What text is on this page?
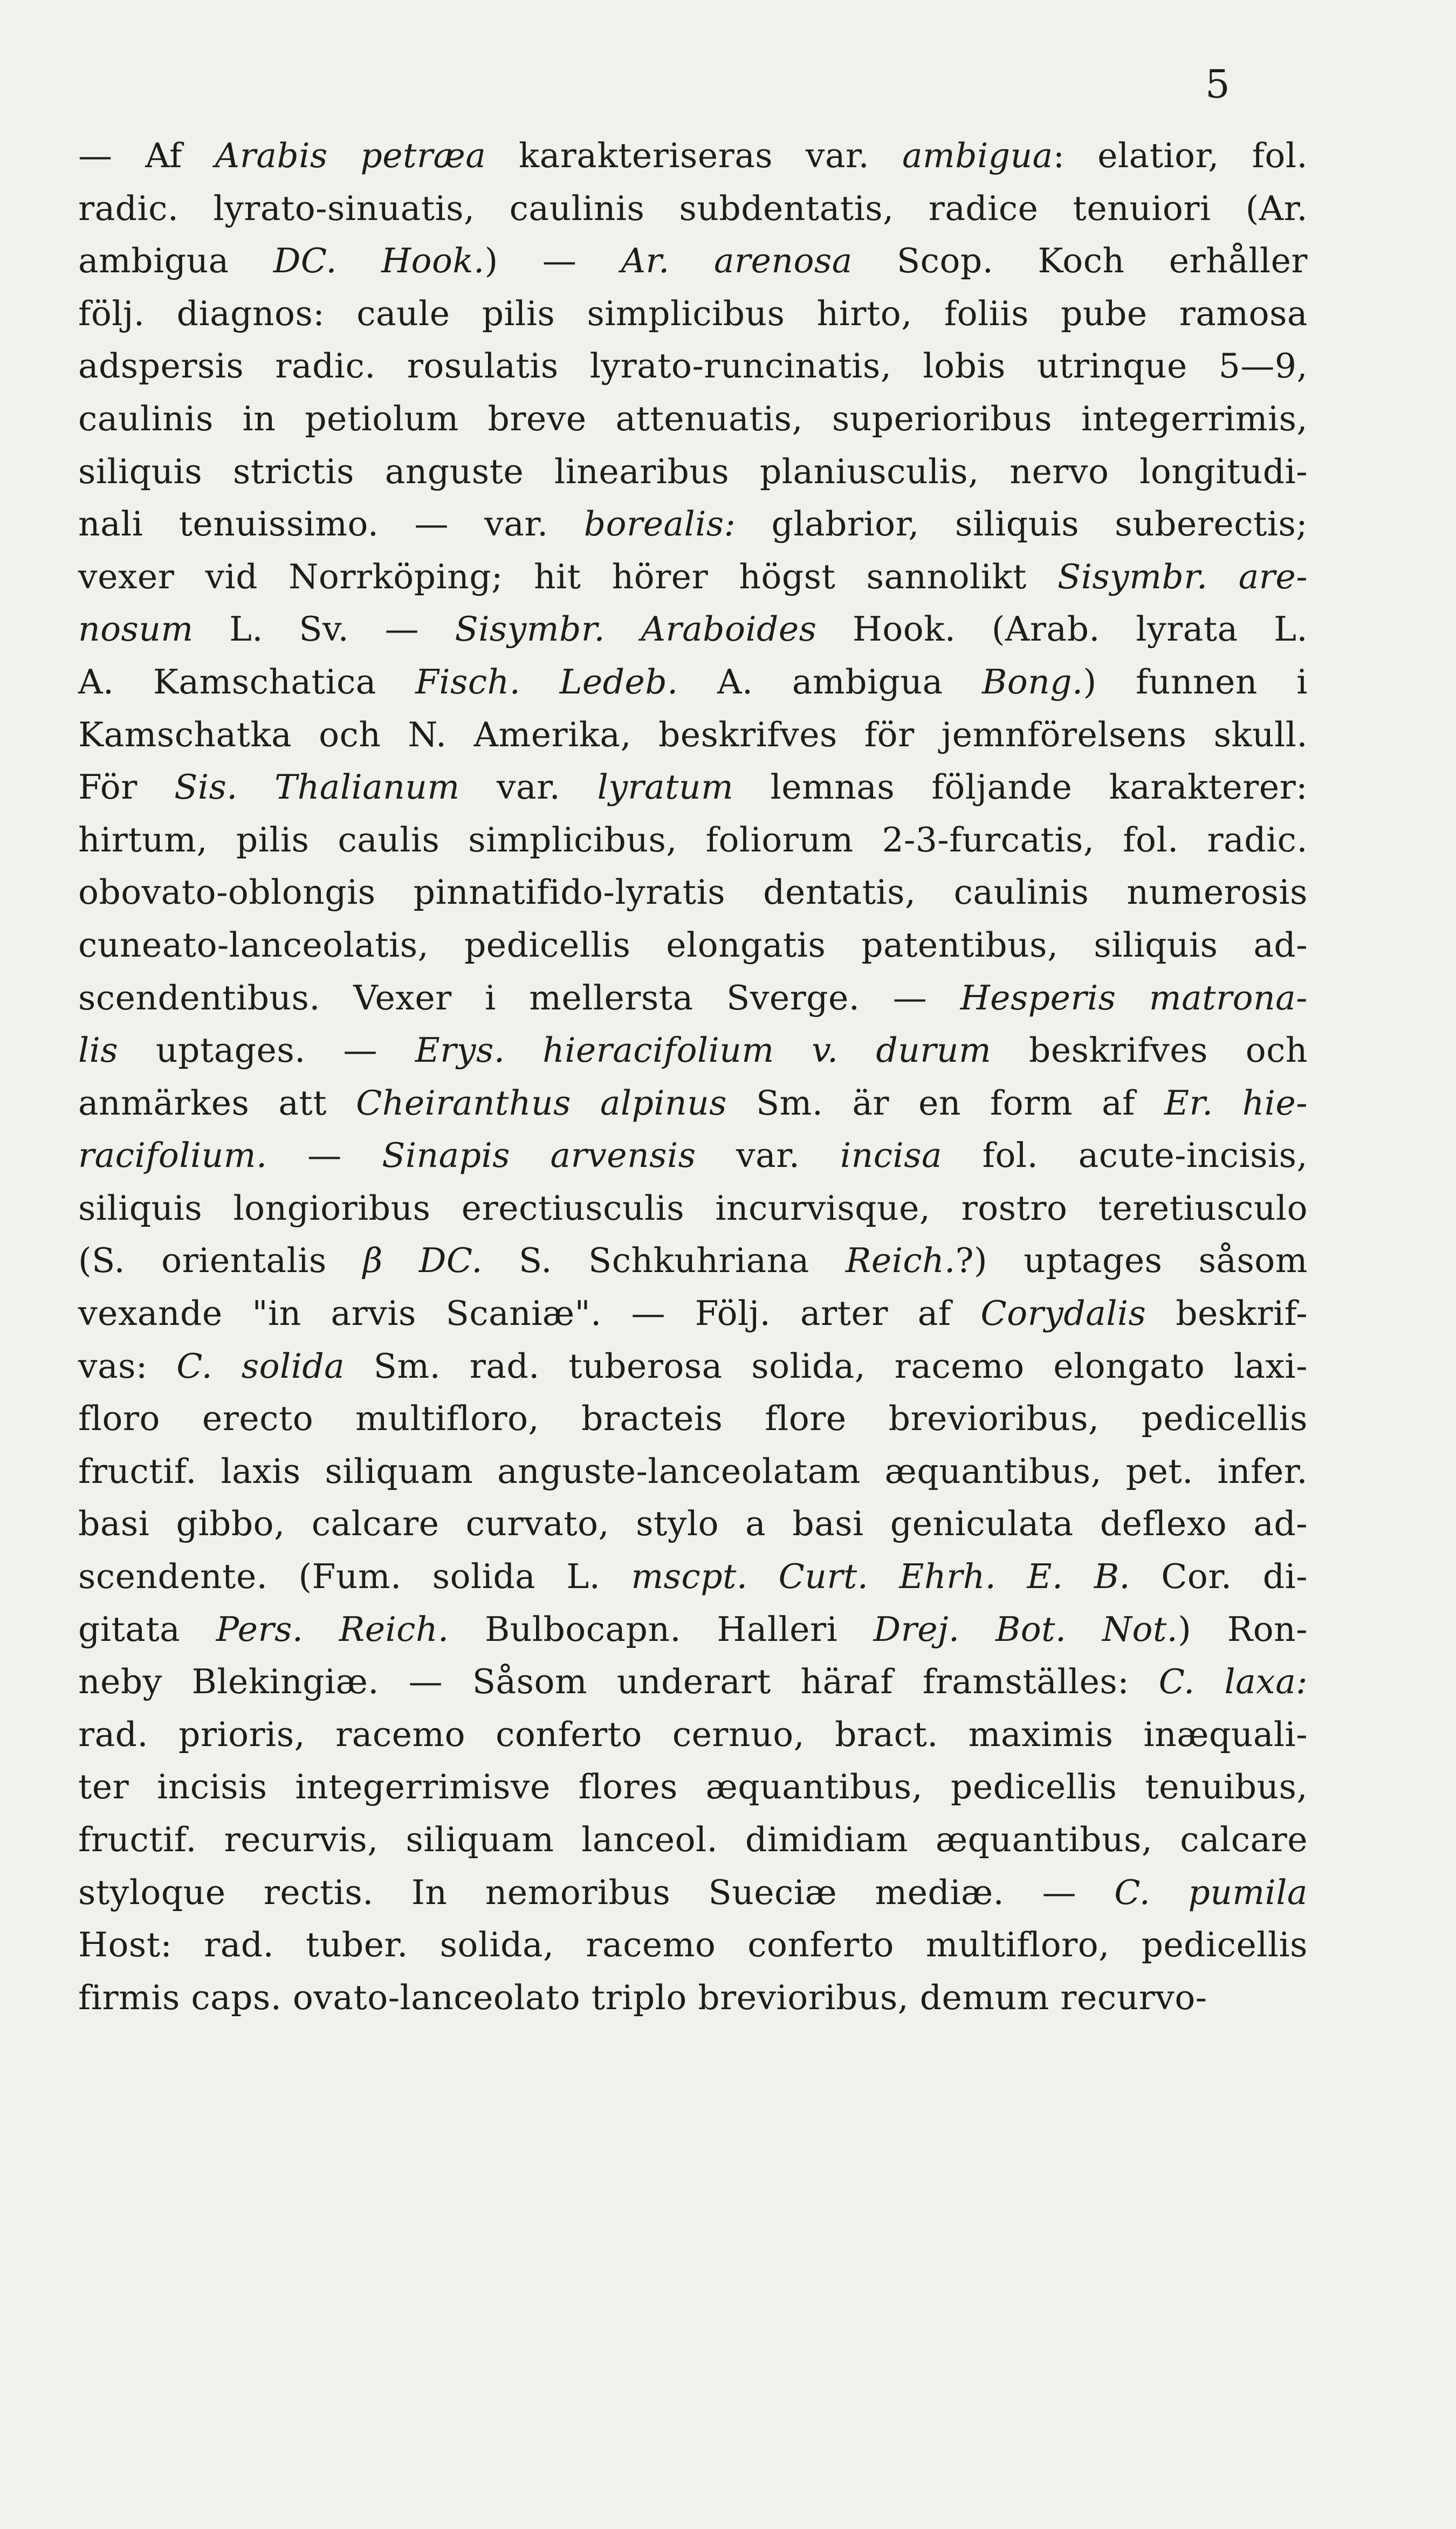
5
— Af Arabis petræa karakteriseras var. ambigua: elatior, fol.
radic. lyrato-sinuatis, caulinis subdentatis, radice tenuiori (Ar.
ambigua DC. Hook.) — Ar. arenosa Scop. Koch erhåller
följ. diagnos: caule pilis simplicibus hirto, foliis pube ramosa
adspersis radic. rosulatis lyrato-runcinatis, lobis utrinque 5—9,
caulinis in petiolum breve attenuatis, superioribus integerrimis,
siliquis strictis anguste linearibus planiusculis, nervo longitudi-
nali tenuissimo. — var. borealis: glabrior, siliquis suberectis;
vexer vid Norrköping; hit hörer högst sannolikt Sisymbr. are-
nosum L. Sv. — Sisymbr. Araboides Hook. (Arab. lyrata L.
A. Kamschatica Fisch. Ledeb. A. ambigua Bong.) funnen i
Kamschatka och N. Amerika, beskrifves för jemnförelsens skull.
För Sis. Thalianum var. lyratum lemnas följande karakterer:
hirtum, pilis caulis simplicibus, foliorum 2-3-furcatis, fol. radic.
obovato-oblongis pinnatifido-lyratis dentatis, caulinis numerosis
cuneato-lanceolatis, pedicellis elongatis patentibus, siliquis ad-
scendentibus. Vexer i mellersta Sverge. — Hesperis matrona-
lis uptages. — Erys. hieracifolium v. durum beskrifves och
anmärkes att Cheiranthus alpinus Sm. är en form af Er. hie-
racifolium. — Sinapis arvensis var. incisa fol. acute-incisis,
siliquis longioribus erectiusculis incurvisque, rostro teretiusculo
(S. orientalis β DC. S. Schkuhriana Reich.?) uptages såsom
vexande "in arvis Scaniæ". — Följ. arter af Corydalis beskrif-
vas: C. solida Sm. rad. tuberosa solida, racemo elongato laxi-
floro erecto multifloro, bracteis flore brevioribus, pedicellis
fructif. laxis siliquam anguste-lanceolatam æquantibus, pet. infer.
basi gibbo, calcare curvato, stylo a basi geniculata deflexo ad-
scendente. (Fum. solida L. mscpt. Curt. Ehrh. E. B. Cor. di-
gitata Pers. Reich. Bulbocapn. Halleri Drej. Bot. Not.) Ron-
neby Blekingiæ. — Såsom underart häraf framställes: C. laxa:
rad. prioris, racemo conferto cernuo, bract. maximis inæquali-
ter incisis integerrimisve flores æquantibus, pedicellis tenuibus,
fructif. recurvis, siliquam lanceol. dimidiam æquantibus, calcare
styloque rectis. In nemoribus Sueciæ mediæ. — C. pumila
Host: rad. tuber. solida, racemo conferto multifloro, pedicellis
firmis caps. ovato-lanceolato triplo brevioribus, demum recurvo-
